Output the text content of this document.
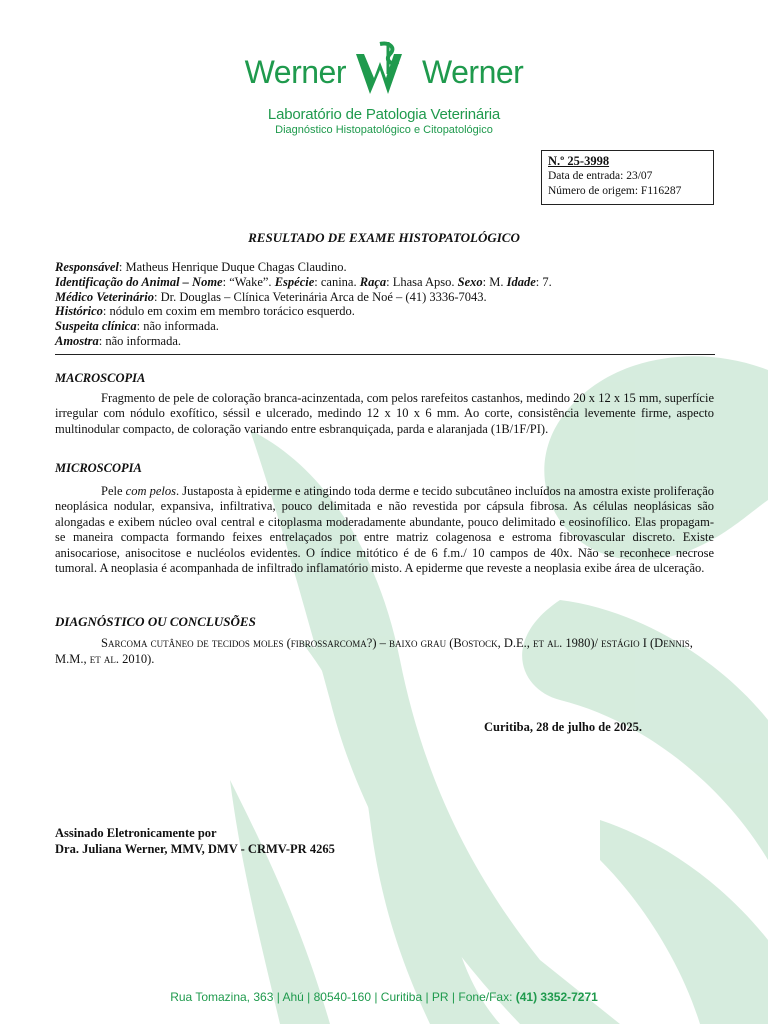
Werner Werner
Laboratório de Patologia Veterinária
Diagnóstico Histopatológico e Citopatológico
N.º 25-3998
Data de entrada: 23/07
Número de origem: F116287
RESULTADO DE EXAME HISTOPATOLÓGICO
Responsável: Matheus Henrique Duque Chagas Claudino.
Identificação do Animal – Nome: “Wake”. Espécie: canina. Raça: Lhasa Apso. Sexo: M. Idade: 7.
Médico Veterinário: Dr. Douglas – Clínica Veterinária Arca de Noé – (41) 3336-7043.
Histórico: nódulo em coxim em membro torácico esquerdo.
Suspeita clínica: não informada.
Amostra: não informada.
MACROSCOPIA
Fragmento de pele de coloração branca-acinzentada, com pelos rarefeitos castanhos, medindo 20 x 12 x 15 mm, superfície irregular com nódulo exofítico, séssil e ulcerado, medindo 12 x 10 x 6 mm. Ao corte, consistência levemente firme, aspecto multinodular compacto, de coloração variando entre esbranquiçada, parda e alaranjada (1B/1F/PI).
MICROSCOPIA
Pele com pelos. Justaposta à epiderme e atingindo toda derme e tecido subcutâneo incluídos na amostra existe proliferação neoplásica nodular, expansiva, infiltrativa, pouco delimitada e não revestida por cápsula fibrosa. As células neoplásicas são alongadas e exibem núcleo oval central e citoplasma moderadamente abundante, pouco delimitado e eosinofílico. Elas propagam-se maneira compacta formando feixes entrelaçados por entre matriz colagenosa e estroma fibrovascular discreto. Existe anisocariose, anisocitose e nucléolos evidentes. O índice mitótico é de 6 f.m./ 10 campos de 40x. Não se reconhece necrose tumoral. A neoplasia é acompanhada de infiltrado inflamatório misto. A epiderme que reveste a neoplasia exibe área de ulceração.
DIAGNÓSTICO OU CONCLUSÕES
Sarcoma cutâneo de tecidos moles (fibrossarcoma?) – baixo grau (Bostock, D.E., et al. 1980)/ estágio I (Dennis, M.M., et al. 2010).
Curitiba, 28 de julho de 2025.
Assinado Eletronicamente por
Dra. Juliana Werner, MMV, DMV - CRMV-PR 4265
Rua Tomazina, 363 | Ahú | 80540-160 | Curitiba | PR | Fone/Fax: (41) 3352-7271
